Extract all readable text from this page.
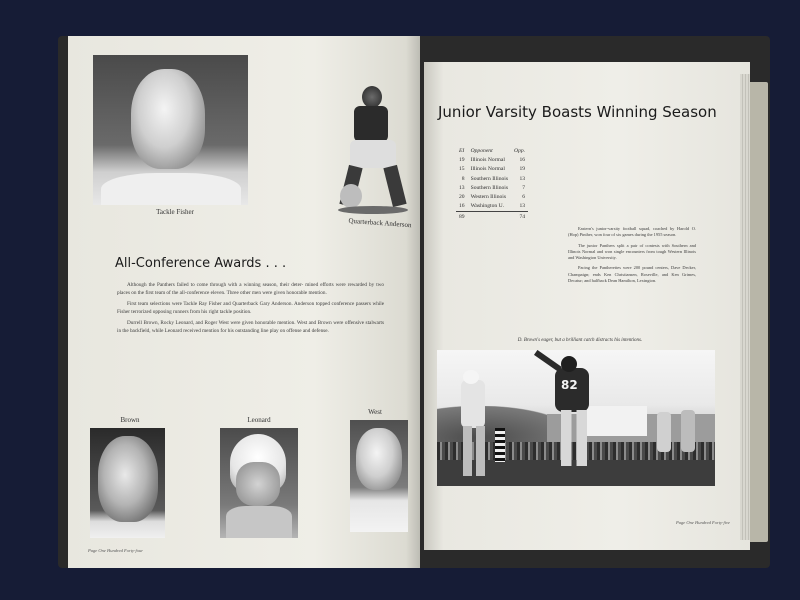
Tackle Fisher
Quarterback Anderson
All-Conference Awards . . .

Although the Panthers failed to come through with a winning season, their deter- mined efforts were rewarded by two places on the first team of the all-conference eleven. Three other men were given honorable mention.

First team selections were Tackle Ray Fisher and Quarterback Gary Anderson. Anderson topped conference passers while Fisher terrorized opposing runners from his right tackle position.

Durrell Brown, Rocky Leonard, and Roger West were given honorable mention. West and Brown were offensive stalwarts in the backfield, while Leonard received mention for his outstanding line play on offense and defense.

Brown	Leonard
West
Page One Hundred Forty-four
Junior Varsity Boasts Winning Season
EI	Opponent	Opp.
19	Illinois Normal	16
15	Illinois Normal	19
8	Southern Illinois	13
13	Southern Illinois	7
20	Western Illinois	6
16	Washington U.	13
89		74

Eastern's junior-varsity football squad, coached by Harold O. (Hop) Pinther, won four of six games during the 1955 season.

The junior Panthers split a pair of contests with Southern and Illinois Normal and won single encounters from tough Western Illinois and Washington University.

Pacing the Pantherettes were 200 pound centers, Dave Decker, Champaign; ends Ken Christiansen, Roseville, and Ken Grimes, Decatur; and halfback Dean Hamilton, Lexington.

D. Brown's eager, but a brilliant catch distracts his intentions.
82
Page One Hundred Forty-five
